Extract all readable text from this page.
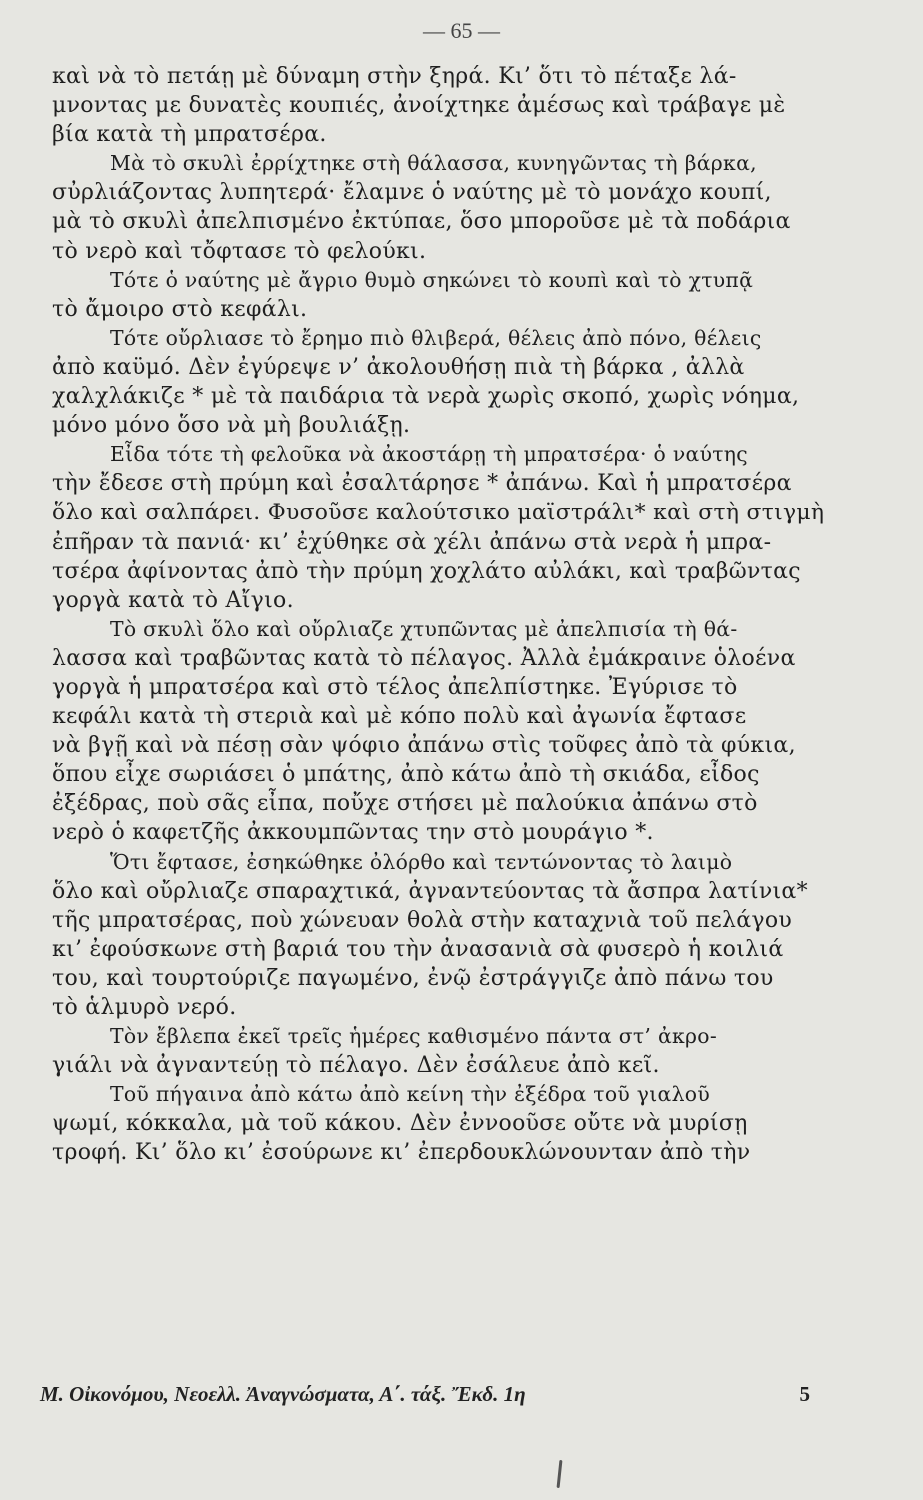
— 65 —
καὶ νὰ τὸ πετάῃ μὲ δύναμη στὴν ξηρά. Κι’ ὅτι τὸ πέταξε λά-
μνοντας με δυνατὲς κουπιές, ἀνοίχτηκε ἀμέσως καὶ τράβαγε μὲ
βία κατὰ τὴ μπρατσέρα.
Μὰ τὸ σκυλὶ ἐρρίχτηκε στὴ θάλασσα, κυνηγῶντας τὴ βάρκα,
σὐρλιάζοντας λυπητερά· ἔλαμνε ὁ ναύτης μὲ τὸ μονάχο κουπί,
μὰ τὸ σκυλὶ ἀπελπισμένο ἐκτύπαε, ὅσο μποροῦσε μὲ τὰ ποδάρια
τὸ νερὸ καὶ τὄφτασε τὸ φελούκι.
Τότε ὁ ναύτης μὲ ἄγριο θυμὸ σηκώνει τὸ κουπὶ καὶ τὸ χτυπᾷ
τὸ ἄμοιρο στὸ κεφάλι.
Τότε οὔρλιασε τὸ ἔρημο πιὸ θλιβερά, θέλεις ἀπὸ πόνο, θέλεις
ἀπὸ καϋμό. Δὲν ἐγύρεψε ν’ ἀκολουθήσῃ πιὰ τὴ βάρκα , ἀλλὰ
χαλχλάκιζε * μὲ τὰ παιδάρια τὰ νερὰ χωρὶς σκοπό, χωρὶς νόημα,
μόνο μόνο ὅσο νὰ μὴ βουλιάξῃ.
Εἶδα τότε τὴ φελοῦκα νὰ ἀκοστάρῃ τὴ μπρατσέρα· ὁ ναύτης
τὴν ἔδεσε στὴ πρύμη καὶ ἐσαλτάρησε * ἀπάνω. Καὶ ἡ μπρατσέρα
ὅλο καὶ σαλπάρει. Φυσοῦσε καλούτσικο μαϊστράλι* καὶ στὴ στιγμὴ
ἐπῆραν τὰ πανιά· κι’ ἐχύθηκε σὰ χέλι ἀπάνω στὰ νερὰ ἡ μπρα-
τσέρα ἀφίνοντας ἀπὸ τὴν πρύμη χοχλάτο αὐλάκι, καὶ τραβῶντας
γοργὰ κατὰ τὸ Αἴγιο.
Τὸ σκυλὶ ὅλο καὶ οὔρλιαζε χτυπῶντας μὲ ἀπελπισία τὴ θά-
λασσα καὶ τραβῶντας κατὰ τὸ πέλαγος. Ἀλλὰ ἐμάκραινε ὁλοένα
γοργὰ ἡ μπρατσέρα καὶ στὸ τέλος ἀπελπίστηκε. Ἐγύρισε τὸ
κεφάλι κατὰ τὴ στεριὰ καὶ μὲ κόπο πολὺ καὶ ἀγωνία ἔφτασε
νὰ βγῇ καὶ νὰ πέσῃ σὰν ψόφιο ἀπάνω στὶς τοῦφες ἀπὸ τὰ φύκια,
ὅπου εἶχε σωριάσει ὁ μπάτης, ἀπὸ κάτω ἀπὸ τὴ σκιάδα, εἶδος
ἐξέδρας, ποὺ σᾶς εἶπα, ποὔχε στήσει μὲ παλούκια ἀπάνω στὸ
νερὸ ὁ καφετζῆς ἀκκουμπῶντας την στὸ μουράγιο *.
Ὅτι ἔφτασε, ἐσηκώθηκε ὀλόρθο καὶ τεντώνοντας τὸ λαιμὸ
ὅλο καὶ οὔρλιαζε σπαραχτικά, ἀγναντεύοντας τὰ ἄσπρα λατίνια*
τῆς μπρατσέρας, ποὺ χώνευαν θολὰ στὴν καταχνιὰ τοῦ πελάγου
κι’ ἐφούσκωνε στὴ βαριά του τὴν ἀνασανιὰ σὰ φυσερὸ ἡ κοιλιά
του, καὶ τουρτούριζε παγωμένο, ἐνῷ ἐστράγγιζε ἀπὸ πάνω του
τὸ ἁλμυρὸ νερό.
Τὸν ἔβλεπα ἐκεῖ τρεῖς ἡμέρες καθισμένο πάντα στ’ ἀκρο-
γιάλι νὰ ἀγναντεύῃ τὸ πέλαγο. Δὲν ἐσάλευε ἀπὸ κεῖ.
Τοῦ πήγαινα ἀπὸ κάτω ἀπὸ κείνη τὴν ἐξέδρα τοῦ γιαλοῦ
ψωμί, κόκκαλα, μὰ τοῦ κάκου. Δὲν ἐννοοῦσε οὔτε νὰ μυρίσῃ
τροφή. Κι’ ὅλο κι’ ἐσούρωνε κι’ ἐπερδουκλώνουνταν ἀπὸ τὴν
Μ. Οἰκονόμου, Νεοελλ. Ἀναγνώσματα, Α΄. τάξ. Ἔκδ. 1η	5
